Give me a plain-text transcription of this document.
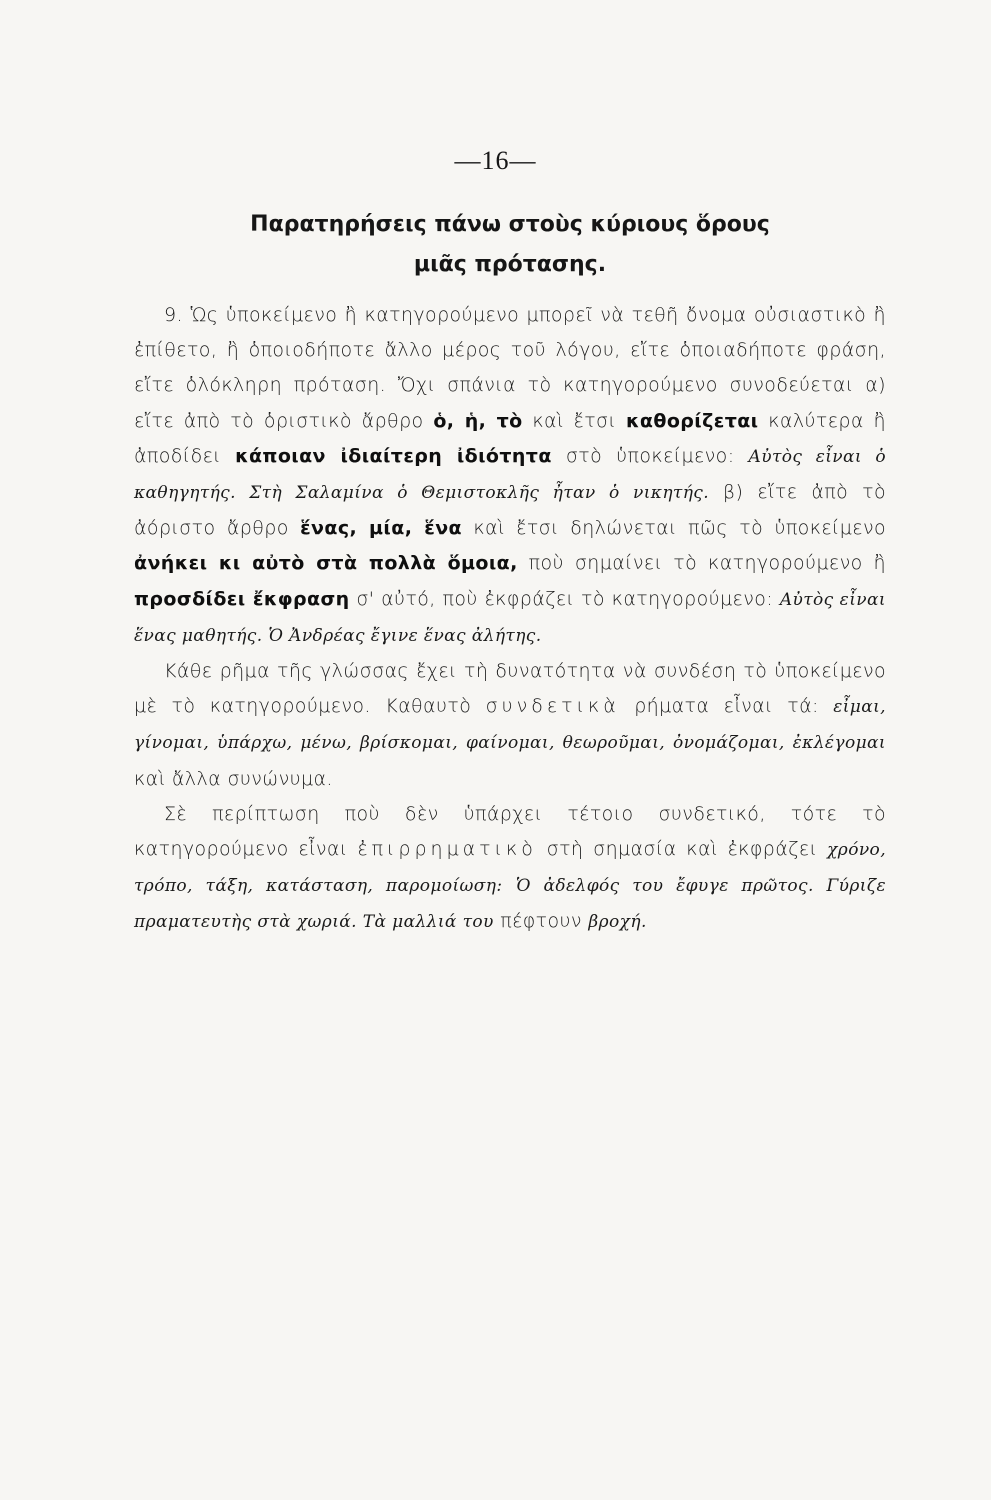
—16—
Παρατηρήσεις πάνω στοὺς κύριους ὅρους
μιᾶς πρότασης.

9. Ὡς ὑποκείμενο ἢ κατηγορούμενο μπορεῖ νὰ τεθῆ ὄνομα οὐσιαστικὸ ἢ ἐπίθετο, ἢ ὁποιοδήποτε ἄλλο μέρος τοῦ λόγου, εἴτε ὁποιαδήποτε φράση, εἴτε ὁλόκληρη πρόταση. Ὄχι σπάνια τὸ κατηγορούμενο συνοδεύεται α) εἴτε ἀπὸ τὸ ὁριστικὸ ἄρθρο ὁ, ἡ, τὸ καὶ ἔτσι καθορίζεται καλύτερα ἢ ἀποδίδει κάποιαν ἰδιαίτερη ἰδιότητα στὸ ὑποκείμενο: Αὐτὸς εἶναι ὁ καθηγητής. Στὴ Σαλαμίνα ὁ Θεμιστοκλῆς ἦταν ὁ νικητής. β) εἴτε ἀπὸ τὸ ἀόριστο ἄρθρο ἕνας, μία, ἕνα καὶ ἔτσι δηλώνεται πῶς τὸ ὑποκείμενο ἀνήκει κι αὐτὸ στὰ πολλὰ ὅμοια, ποὺ σημαίνει τὸ κατηγορούμενο ἢ προσδίδει ἔκφραση σ' αὐτό, ποὺ ἐκφράζει τὸ κατηγορούμενο: Αὐτὸς εἶναι ἕνας μαθητής. Ὁ Ἀνδρέας ἔγινε ἕνας ἀλήτης.

Κάθε ρῆμα τῆς γλώσσας ἔχει τὴ δυνατότητα νὰ συνδέση τὸ ὑποκείμενο μὲ τὸ κατηγορούμενο. Καθαυτὸ συνδετικὰ ρήματα εἶναι τά: εἶμαι, γίνομαι, ὑπάρχω, μένω, βρίσκομαι, φαίνομαι, θεωροῦμαι, ὀνομάζομαι, ἐκλέγομαι καὶ ἄλλα συνώνυμα.

Σὲ περίπτωση ποὺ δὲν ὑπάρχει τέτοιο συνδετικό, τότε τὸ κατηγορούμενο εἶναι ἐπιρρηματικὸ στὴ σημασία καὶ ἐκφράζει χρόνο, τρόπο, τάξη, κατάσταση, παρομοίωση: Ὁ ἀδελφός του ἔφυγε πρῶτος. Γύριζε πραματευτὴς στὰ χωριά. Τὰ μαλλιά του πέφτουν βροχή.
